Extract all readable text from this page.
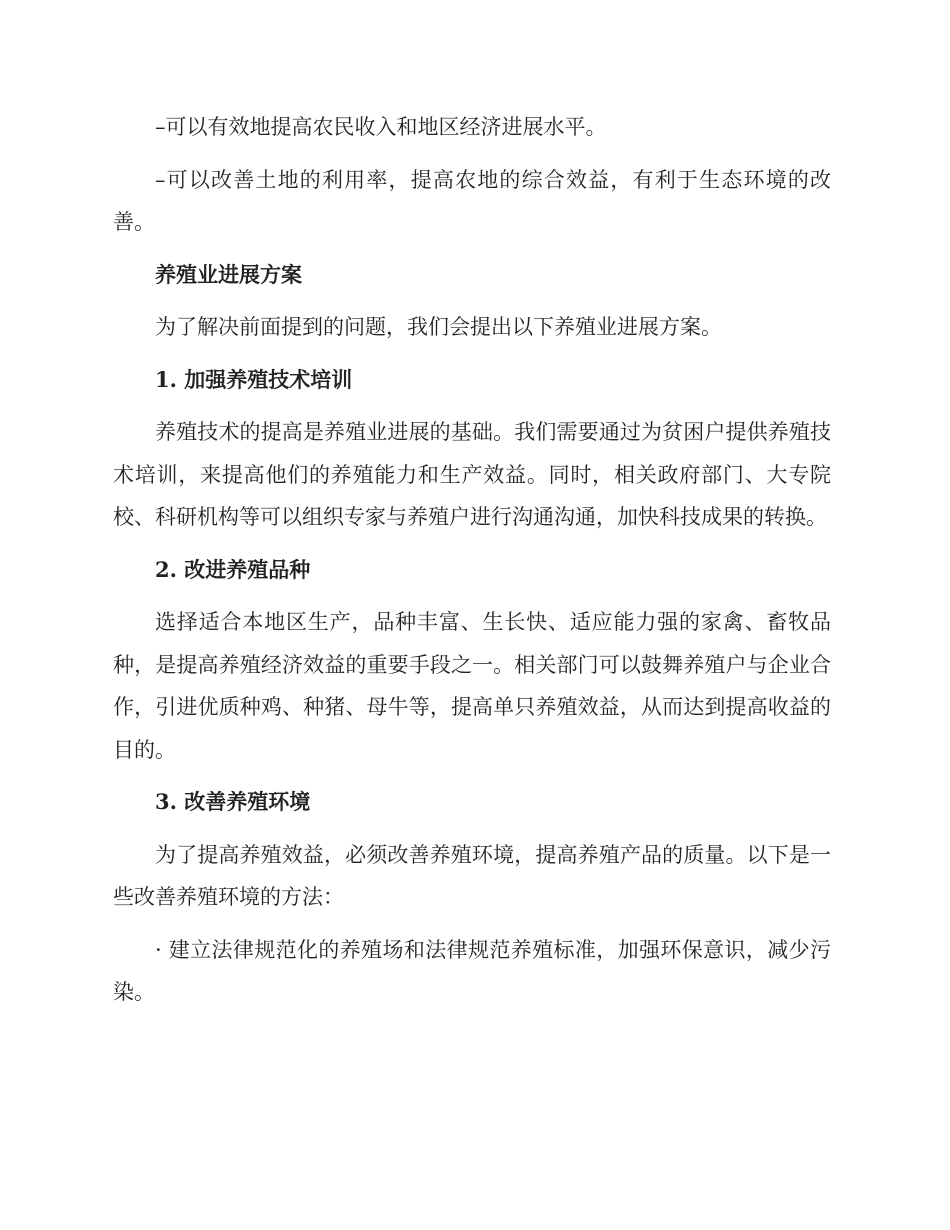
–可以有效地提高农民收入和地区经济进展水平。

–可以改善土地的利用率，提高农地的综合效益，有利于生态环境的改善。

养殖业进展方案

为了解决前面提到的问题，我们会提出以下养殖业进展方案。

1. 加强养殖技术培训

养殖技术的提高是养殖业进展的基础。我们需要通过为贫困户提供养殖技术培训，来提高他们的养殖能力和生产效益。同时，相关政府部门、大专院校、科研机构等可以组织专家与养殖户进行沟通沟通，加快科技成果的转换。

2. 改进养殖品种

选择适合本地区生产，品种丰富、生长快、适应能力强的家禽、畜牧品种，是提高养殖经济效益的重要手段之一。相关部门可以鼓舞养殖户与企业合作，引进优质种鸡、种猪、母牛等，提高单只养殖效益，从而达到提高收益的目的。

3. 改善养殖环境

为了提高养殖效益，必须改善养殖环境，提高养殖产品的质量。以下是一些改善养殖环境的方法：

· 建立法律规范化的养殖场和法律规范养殖标准，加强环保意识，减少污染。
